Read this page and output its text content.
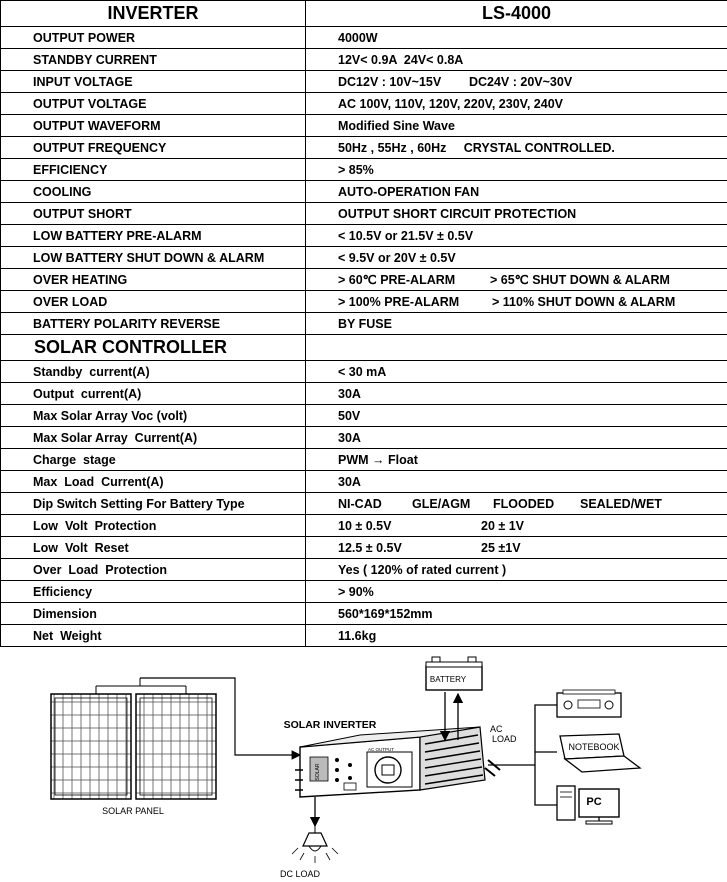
INVERTER	LS-4000
OUTPUT POWER	4000W
STANDBY CURRENT	12V< 0.9A  24V< 0.8A
INPUT VOLTAGE	DC12V : 10V~15V        DC24V : 20V~30V
OUTPUT VOLTAGE	AC 100V, 110V, 120V, 220V, 230V, 240V
OUTPUT WAVEFORM	Modified Sine Wave
OUTPUT FREQUENCY	50Hz , 55Hz , 60Hz     CRYSTAL CONTROLLED.
EFFICIENCY	> 85%
COOLING	AUTO-OPERATION FAN
OUTPUT SHORT	OUTPUT SHORT CIRCUIT PROTECTION
LOW BATTERY PRE-ALARM	< 10.5V or 21.5V ± 0.5V
LOW BATTERY SHUT DOWN & ALARM	< 9.5V or 20V ± 0.5V
OVER HEATING	> 60℃ PRE-ALARM > 65℃ SHUT DOWN & ALARM
OVER LOAD	> 100% PRE-ALARM > 110% SHUT DOWN & ALARM
BATTERY POLARITY REVERSE	BY FUSE
SOLAR CONTROLLER	
Standby  current(A)	< 30 mA
Output  current(A)	30A
Max Solar Array Voc (volt)	50V
Max Solar Array  Current(A)	30A
Charge  stage	PWM → Float
Max  Load  Current(A)	30A
Dip Switch Setting For Battery Type	NI-CAD GLE/AGM FLOODED SEALED/WET
Low  Volt  Protection	10 ± 0.5V 20 ± 1V
Low  Volt  Reset	12.5 ± 0.5V 25 ±1V
Over  Load  Protection	Yes ( 120% of rated current )
Efficiency	> 90%
Dimension	560*169*152mm
Net  Weight	11.6kg
SOLAR PANEL
SOLAR INVERTER
AC OUTPUT
SOLAR
BATTERY
DC LOAD
AC
LOAD
NOTEBOOK
PC
